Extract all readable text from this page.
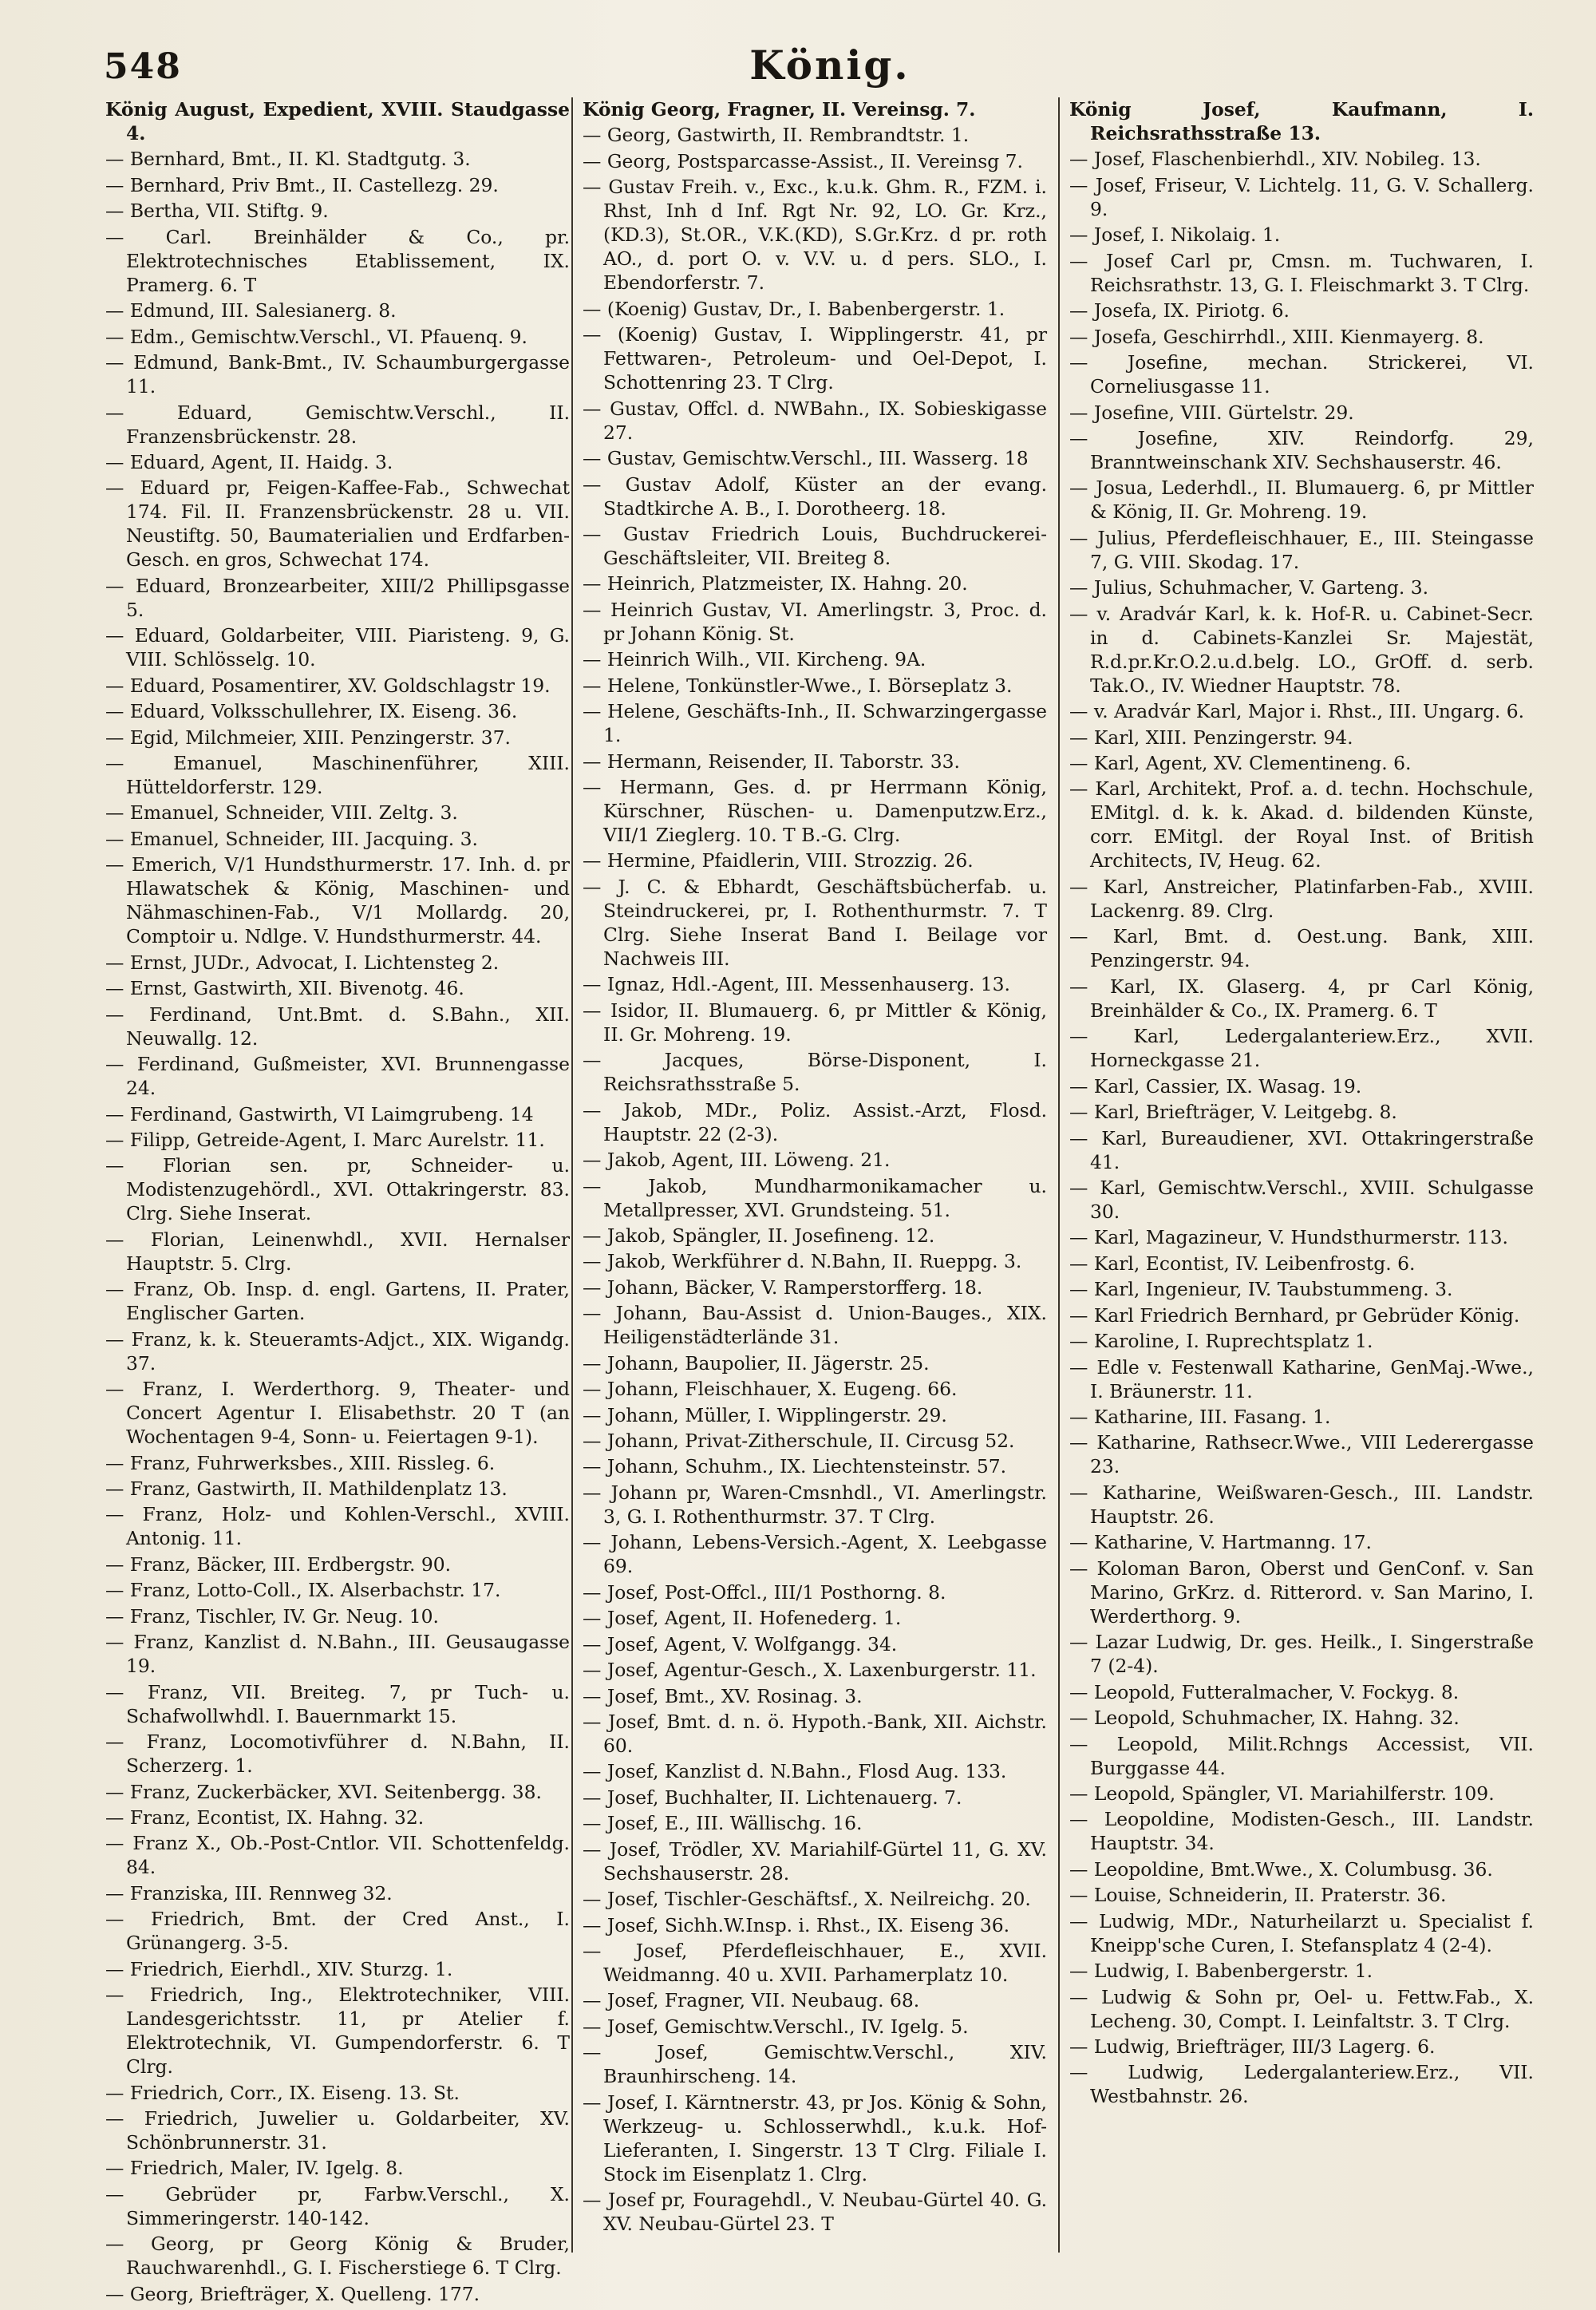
548	König.

König August, Expedient, XVIII. Staudgasse 4.

— Bernhard, Bmt., II. Kl. Stadtgutg. 3.

— Bernhard, Priv Bmt., II. Castellezg. 29.

— Bertha, VII. Stiftg. 9.

— Carl. Breinhälder & Co., pr. Elektrotechnisches Etablissement, IX. Pramerg. 6. T

— Edmund, III. Salesianerg. 8.

— Edm., Gemischtw.Verschl., VI. Pfauenq. 9.

— Edmund, Bank-Bmt., IV. Schaumburgergasse 11.

— Eduard, Gemischtw.Verschl., II. Franzensbrückenstr. 28.

— Eduard, Agent, II. Haidg. 3.

— Eduard pr, Feigen-Kaffee-Fab., Schwechat 174. Fil. II. Franzensbrückenstr. 28 u. VII. Neustiftg. 50, Baumaterialien und Erdfarben-Gesch. en gros, Schwechat 174.

— Eduard, Bronzearbeiter, XIII/2 Phillipsgasse 5.

— Eduard, Goldarbeiter, VIII. Piaristeng. 9, G. VIII. Schlösselg. 10.

— Eduard, Posamentirer, XV. Goldschlagstr 19.

— Eduard, Volksschullehrer, IX. Eiseng. 36.

— Egid, Milchmeier, XIII. Penzingerstr. 37.

— Emanuel, Maschinenführer, XIII. Hütteldorferstr. 129.

— Emanuel, Schneider, VIII. Zeltg. 3.

— Emanuel, Schneider, III. Jacquing. 3.

— Emerich, V/1 Hundsthurmerstr. 17. Inh. d. pr Hlawatschek & König, Maschinen- und Nähmaschinen-Fab., V/1 Mollardg. 20, Comptoir u. Ndlge. V. Hundsthurmerstr. 44.

— Ernst, JUDr., Advocat, I. Lichtensteg 2.

— Ernst, Gastwirth, XII. Bivenotg. 46.

— Ferdinand, Unt.Bmt. d. S.Bahn., XII. Neuwallg. 12.

— Ferdinand, Gußmeister, XVI. Brunnengasse 24.

— Ferdinand, Gastwirth, VI Laimgrubeng. 14

— Filipp, Getreide-Agent, I. Marc Aurelstr. 11.

— Florian sen. pr, Schneider- u. Modistenzugehördl., XVI. Ottakringerstr. 83. Clrg. Siehe Inserat.

— Florian, Leinenwhdl., XVII. Hernalser Hauptstr. 5. Clrg.

— Franz, Ob. Insp. d. engl. Gartens, II. Prater, Englischer Garten.

— Franz, k. k. Steueramts-Adjct., XIX. Wigandg. 37.

— Franz, I. Werderthorg. 9, Theater- und Concert Agentur I. Elisabethstr. 20 T (an Wochentagen 9-4, Sonn- u. Feiertagen 9-1).

— Franz, Fuhrwerksbes., XIII. Rissleg. 6.

— Franz, Gastwirth, II. Mathildenplatz 13.

— Franz, Holz- und Kohlen-Verschl., XVIII. Antonig. 11.

— Franz, Bäcker, III. Erdbergstr. 90.

— Franz, Lotto-Coll., IX. Alserbachstr. 17.

— Franz, Tischler, IV. Gr. Neug. 10.

— Franz, Kanzlist d. N.Bahn., III. Geusaugasse 19.

— Franz, VII. Breiteg. 7, pr Tuch- u. Schafwollwhdl. I. Bauernmarkt 15.

— Franz, Locomotivführer d. N.Bahn, II. Scherzerg. 1.

— Franz, Zuckerbäcker, XVI. Seitenbergg. 38.

— Franz, Econtist, IX. Hahng. 32.

— Franz X., Ob.-Post-Cntlor. VII. Schottenfeldg. 84.

— Franziska, III. Rennweg 32.

— Friedrich, Bmt. der Cred Anst., I. Grünangerg. 3-5.

— Friedrich, Eierhdl., XIV. Sturzg. 1.

— Friedrich, Ing., Elektrotechniker, VIII. Landesgerichtsstr. 11, pr Atelier f. Elektrotechnik, VI. Gumpendorferstr. 6. T Clrg.

— Friedrich, Corr., IX. Eiseng. 13. St.

— Friedrich, Juwelier u. Goldarbeiter, XV. Schönbrunnerstr. 31.

— Friedrich, Maler, IV. Igelg. 8.

— Gebrüder pr, Farbw.Verschl., X. Simmeringerstr. 140-142.

— Georg, pr Georg König & Bruder, Rauchwarenhdl., G. I. Fischerstiege 6. T Clrg.

— Georg, Briefträger, X. Quelleng. 177.

König Georg, Fragner, II. Vereinsg. 7.

— Georg, Gastwirth, II. Rembrandtstr. 1.

— Georg, Postsparcasse-Assist., II. Vereinsg 7.

— Gustav Freih. v., Exc., k.u.k. Ghm. R., FZM. i. Rhst, Inh d Inf. Rgt Nr. 92, LO. Gr. Krz., (KD.3), St.OR., V.K.(KD), S.Gr.Krz. d pr. roth AO., d. port O. v. V.V. u. d pers. SLO., I. Ebendorferstr. 7.

— (Koenig) Gustav, Dr., I. Babenbergerstr. 1.

— (Koenig) Gustav, I. Wipplingerstr. 41, pr Fettwaren-, Petroleum- und Oel-Depot, I. Schottenring 23. T Clrg.

— Gustav, Offcl. d. NWBahn., IX. Sobieskigasse 27.

— Gustav, Gemischtw.Verschl., III. Wasserg. 18

— Gustav Adolf, Küster an der evang. Stadtkirche A. B., I. Dorotheerg. 18.

— Gustav Friedrich Louis, Buchdruckerei-Geschäftsleiter, VII. Breiteg 8.

— Heinrich, Platzmeister, IX. Hahng. 20.

— Heinrich Gustav, VI. Amerlingstr. 3, Proc. d. pr Johann König. St.

— Heinrich Wilh., VII. Kircheng. 9A.

— Helene, Tonkünstler-Wwe., I. Börseplatz 3.

— Helene, Geschäfts-Inh., II. Schwarzingergasse 1.

— Hermann, Reisender, II. Taborstr. 33.

— Hermann, Ges. d. pr Herrmann König, Kürschner, Rüschen- u. Damenputzw.Erz., VII/1 Zieglerg. 10. T B.-G. Clrg.

— Hermine, Pfaidlerin, VIII. Strozzig. 26.

— J. C. & Ebhardt, Geschäftsbücherfab. u. Steindruckerei, pr, I. Rothenthurmstr. 7. T Clrg. Siehe Inserat Band I. Beilage vor Nachweis III.

— Ignaz, Hdl.-Agent, III. Messenhauserg. 13.

— Isidor, II. Blumauerg. 6, pr Mittler & König, II. Gr. Mohreng. 19.

— Jacques, Börse-Disponent, I. Reichsrathsstraße 5.

— Jakob, MDr., Poliz. Assist.-Arzt, Flosd. Hauptstr. 22 (2-3).

— Jakob, Agent, III. Löweng. 21.

— Jakob, Mundharmonikamacher u. Metallpresser, XVI. Grundsteing. 51.

— Jakob, Spängler, II. Josefineng. 12.

— Jakob, Werkführer d. N.Bahn, II. Rueppg. 3.

— Johann, Bäcker, V. Ramperstorfferg. 18.

— Johann, Bau-Assist d. Union-Bauges., XIX. Heiligenstädterlände 31.

— Johann, Baupolier, II. Jägerstr. 25.

— Johann, Fleischhauer, X. Eugeng. 66.

— Johann, Müller, I. Wipplingerstr. 29.

— Johann, Privat-Zitherschule, II. Circusg 52.

— Johann, Schuhm., IX. Liechtensteinstr. 57.

— Johann pr, Waren-Cmsnhdl., VI. Amerlingstr. 3, G. I. Rothenthurmstr. 37. T Clrg.

— Johann, Lebens-Versich.-Agent, X. Leebgasse 69.

— Josef, Post-Offcl., III/1 Posthorng. 8.

— Josef, Agent, II. Hofenederg. 1.

— Josef, Agent, V. Wolfgangg. 34.

— Josef, Agentur-Gesch., X. Laxenburgerstr. 11.

— Josef, Bmt., XV. Rosinag. 3.

— Josef, Bmt. d. n. ö. Hypoth.-Bank, XII. Aichstr. 60.

— Josef, Kanzlist d. N.Bahn., Flosd Aug. 133.

— Josef, Buchhalter, II. Lichtenauerg. 7.

— Josef, E., III. Wällischg. 16.

— Josef, Trödler, XV. Mariahilf-Gürtel 11, G. XV. Sechshauserstr. 28.

— Josef, Tischler-Geschäftsf., X. Neilreichg. 20.

— Josef, Sichh.W.Insp. i. Rhst., IX. Eiseng 36.

— Josef, Pferdefleischhauer, E., XVII. Weidmanng. 40 u. XVII. Parhamerplatz 10.

— Josef, Fragner, VII. Neubaug. 68.

— Josef, Gemischtw.Verschl., IV. Igelg. 5.

— Josef, Gemischtw.Verschl., XIV. Braunhirscheng. 14.

— Josef, I. Kärntnerstr. 43, pr Jos. König & Sohn, Werkzeug- u. Schlosserwhdl., k.u.k. Hof-Lieferanten, I. Singerstr. 13 T Clrg. Filiale I. Stock im Eisenplatz 1. Clrg.

— Josef pr, Fouragehdl., V. Neubau-Gürtel 40. G. XV. Neubau-Gürtel 23. T

König Josef, Kaufmann, I. Reichsrathsstraße 13.

— Josef, Flaschenbierhdl., XIV. Nobileg. 13.

— Josef, Friseur, V. Lichtelg. 11, G. V. Schallerg. 9.

— Josef, I. Nikolaig. 1.

— Josef Carl pr, Cmsn. m. Tuchwaren, I. Reichsrathstr. 13, G. I. Fleischmarkt 3. T Clrg.

— Josefa, IX. Piriotg. 6.

— Josefa, Geschirrhdl., XIII. Kienmayerg. 8.

— Josefine, mechan. Strickerei, VI. Corneliusgasse 11.

— Josefine, VIII. Gürtelstr. 29.

— Josefine, XIV. Reindorfg. 29, Branntweinschank XIV. Sechshauserstr. 46.

— Josua, Lederhdl., II. Blumauerg. 6, pr Mittler & König, II. Gr. Mohreng. 19.

— Julius, Pferdefleischhauer, E., III. Steingasse 7, G. VIII. Skodag. 17.

— Julius, Schuhmacher, V. Garteng. 3.

— v. Aradvár Karl, k. k. Hof-R. u. Cabinet-Secr. in d. Cabinets-Kanzlei Sr. Majestät, R.d.pr.Kr.O.2.u.d.belg. LO., GrOff. d. serb. Tak.O., IV. Wiedner Hauptstr. 78.

— v. Aradvár Karl, Major i. Rhst., III. Ungarg. 6.

— Karl, XIII. Penzingerstr. 94.

— Karl, Agent, XV. Clementineng. 6.

— Karl, Architekt, Prof. a. d. techn. Hochschule, EMitgl. d. k. k. Akad. d. bildenden Künste, corr. EMitgl. der Royal Inst. of British Architects, IV, Heug. 62.

— Karl, Anstreicher, Platinfarben-Fab., XVIII. Lackenrg. 89. Clrg.

— Karl, Bmt. d. Oest.ung. Bank, XIII. Penzingerstr. 94.

— Karl, IX. Glaserg. 4, pr Carl König, Breinhälder & Co., IX. Pramerg. 6. T

— Karl, Ledergalanteriew.Erz., XVII. Horneckgasse 21.

— Karl, Cassier, IX. Wasag. 19.

— Karl, Briefträger, V. Leitgebg. 8.

— Karl, Bureaudiener, XVI. Ottakringerstraße 41.

— Karl, Gemischtw.Verschl., XVIII. Schulgasse 30.

— Karl, Magazineur, V. Hundsthurmerstr. 113.

— Karl, Econtist, IV. Leibenfrostg. 6.

— Karl, Ingenieur, IV. Taubstummeng. 3.

— Karl Friedrich Bernhard, pr Gebrüder König.

— Karoline, I. Ruprechtsplatz 1.

— Edle v. Festenwall Katharine, GenMaj.-Wwe., I. Bräunerstr. 11.

— Katharine, III. Fasang. 1.

— Katharine, Rathsecr.Wwe., VIII Lederergasse 23.

— Katharine, Weißwaren-Gesch., III. Landstr. Hauptstr. 26.

— Katharine, V. Hartmanng. 17.

— Koloman Baron, Oberst und GenConf. v. San Marino, GrKrz. d. Ritterord. v. San Marino, I. Werderthorg. 9.

— Lazar Ludwig, Dr. ges. Heilk., I. Singerstraße 7 (2-4).

— Leopold, Futteralmacher, V. Fockyg. 8.

— Leopold, Schuhmacher, IX. Hahng. 32.

— Leopold, Milit.Rchngs Accessist, VII. Burggasse 44.

— Leopold, Spängler, VI. Mariahilferstr. 109.

— Leopoldine, Modisten-Gesch., III. Landstr. Hauptstr. 34.

— Leopoldine, Bmt.Wwe., X. Columbusg. 36.

— Louise, Schneiderin, II. Praterstr. 36.

— Ludwig, MDr., Naturheilarzt u. Specialist f. Kneipp'sche Curen, I. Stefansplatz 4 (2-4).

— Ludwig, I. Babenbergerstr. 1.

— Ludwig & Sohn pr, Oel- u. Fettw.Fab., X. Lecheng. 30, Compt. I. Leinfaltstr. 3. T Clrg.

— Ludwig, Briefträger, III/3 Lagerg. 6.

— Ludwig, Ledergalanteriew.Erz., VII. Westbahnstr. 26.
